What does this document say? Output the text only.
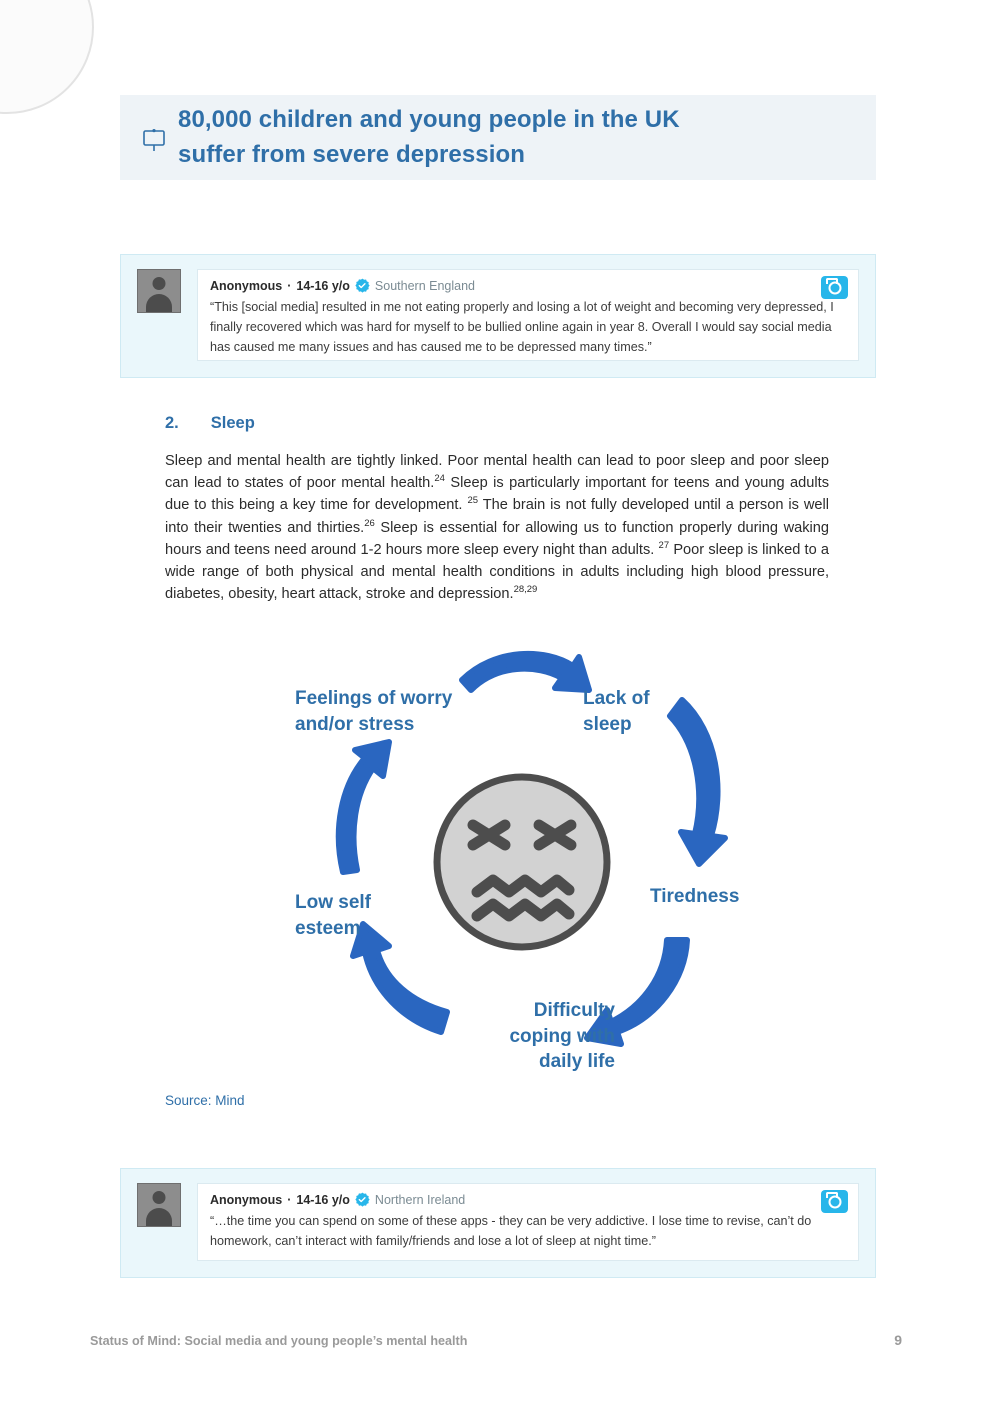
80,000 children and young people in the UK
suffer from severe depression
Anonymous · 14-16 y/o Southern England
“This [social media] resulted in me not eating properly and losing a lot of weight and becoming very depressed, I finally recovered which was hard for myself to be bullied online again in year 8. Overall I would say social media has caused me many issues and has caused me to be depressed many times.”
2. Sleep
Sleep and mental health are tightly linked. Poor mental health can lead to poor sleep and poor sleep can lead to states of poor mental health.$^{24}$ Sleep is particularly important for teens and young adults due to this being a key time for development. $^{25}$ The brain is not fully developed until a person is well into their twenties and thirties.$^{26}$ Sleep is essential for allowing us to function properly during waking hours and teens need around 1-2 hours more sleep every night than adults. $^{27}$ Poor sleep is linked to a wide range of both physical and mental health conditions in adults including high blood pressure, diabetes, obesity, heart attack, stroke and depression.$^{28,29}$
Feelings of worry
and/or stress
Lack of
sleep
Tiredness
Difficulty
coping with
daily life
Low self
esteem
Source: Mind
Anonymous · 14-16 y/o Northern Ireland
“…the time you can spend on some of these apps - they can be very addictive. I lose time to revise, can’t do homework, can’t interact with family/friends and lose a lot of sleep at night time.”
Status of Mind: Social media and young people’s mental health	9
